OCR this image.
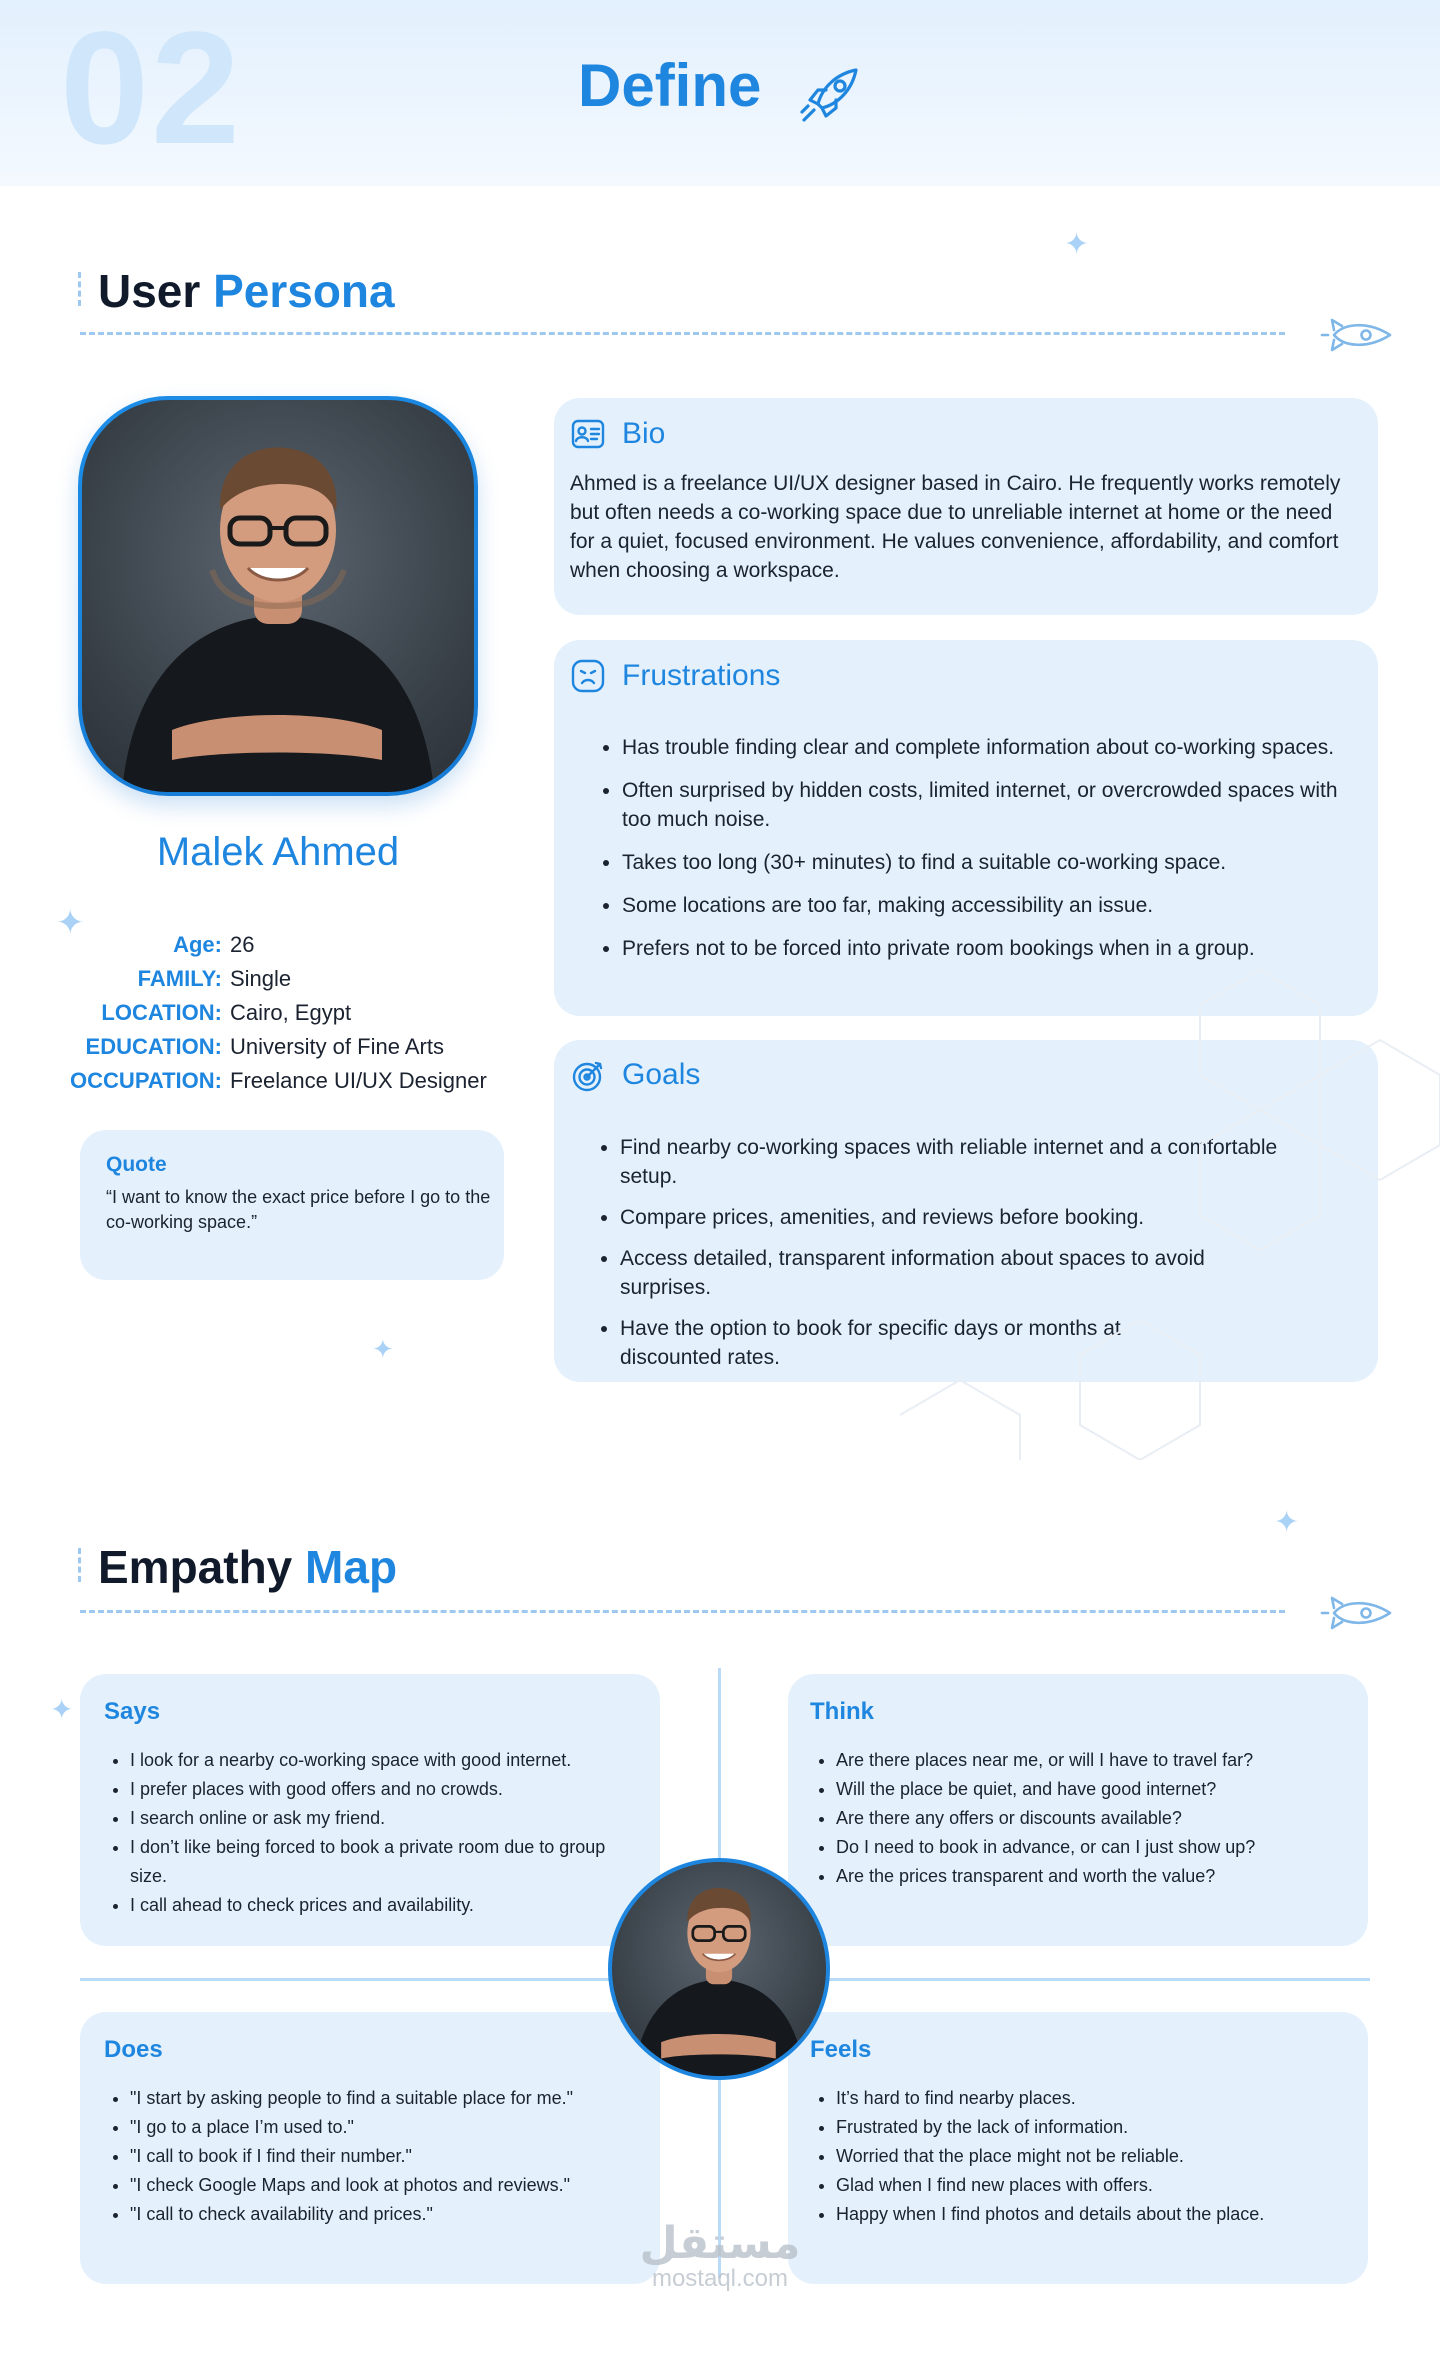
02	Define
User Persona
✦
Malek Ahmed
Age: 26
FAMILY: Single
LOCATION: Cairo, Egypt
EDUCATION: University of Fine Arts
OCCUPATION: Freelance UI/UX Designer
✦
Quote
“I want to know the exact price before I go to the co-working space.”
✦
Bio
Ahmed is a freelance UI/UX designer based in Cairo. He frequently works remotely but often needs a co-working space due to unreliable internet at home or the need for a quiet, focused environment. He values convenience, affordability, and comfort when choosing a workspace.
Frustrations
• Has trouble finding clear and complete information about co-working spaces.
• Often surprised by hidden costs, limited internet, or overcrowded spaces with too much noise.
• Takes too long (30+ minutes) to find a suitable co-working space.
• Some locations are too far, making accessibility an issue.
• Prefers not to be forced into private room bookings when in a group.
Goals
• Find nearby co-working spaces with reliable internet and a comfortable setup.
• Compare prices, amenities, and reviews before booking.
• Access detailed, transparent information about spaces to avoid surprises.
• Have the option to book for specific days or months at discounted rates.
✦
Empathy Map
✦ Says
• I look for a nearby co-working space with good internet.
• I prefer places with good offers and no crowds.
• I search online or ask my friend.
• I don’t like being forced to book a private room due to group size.
• I call ahead to check prices and availability.
Think
• Are there places near me, or will I have to travel far?
• Will the place be quiet, and have good internet?
• Are there any offers or discounts available?
• Do I need to book in advance, or can I just show up?
• Are the prices transparent and worth the value?
Does
• "I start by asking people to find a suitable place for me."
• "I go to a place I’m used to."
• "I call to book if I find their number."
• "I check Google Maps and look at photos and reviews."
• "I call to check availability and prices."
Feels
• It’s hard to find nearby places.
• Frustrated by the lack of information.
• Worried that the place might not be reliable.
• Glad when I find new places with offers.
• Happy when I find photos and details about the place.
مستقل
mostaql.com
